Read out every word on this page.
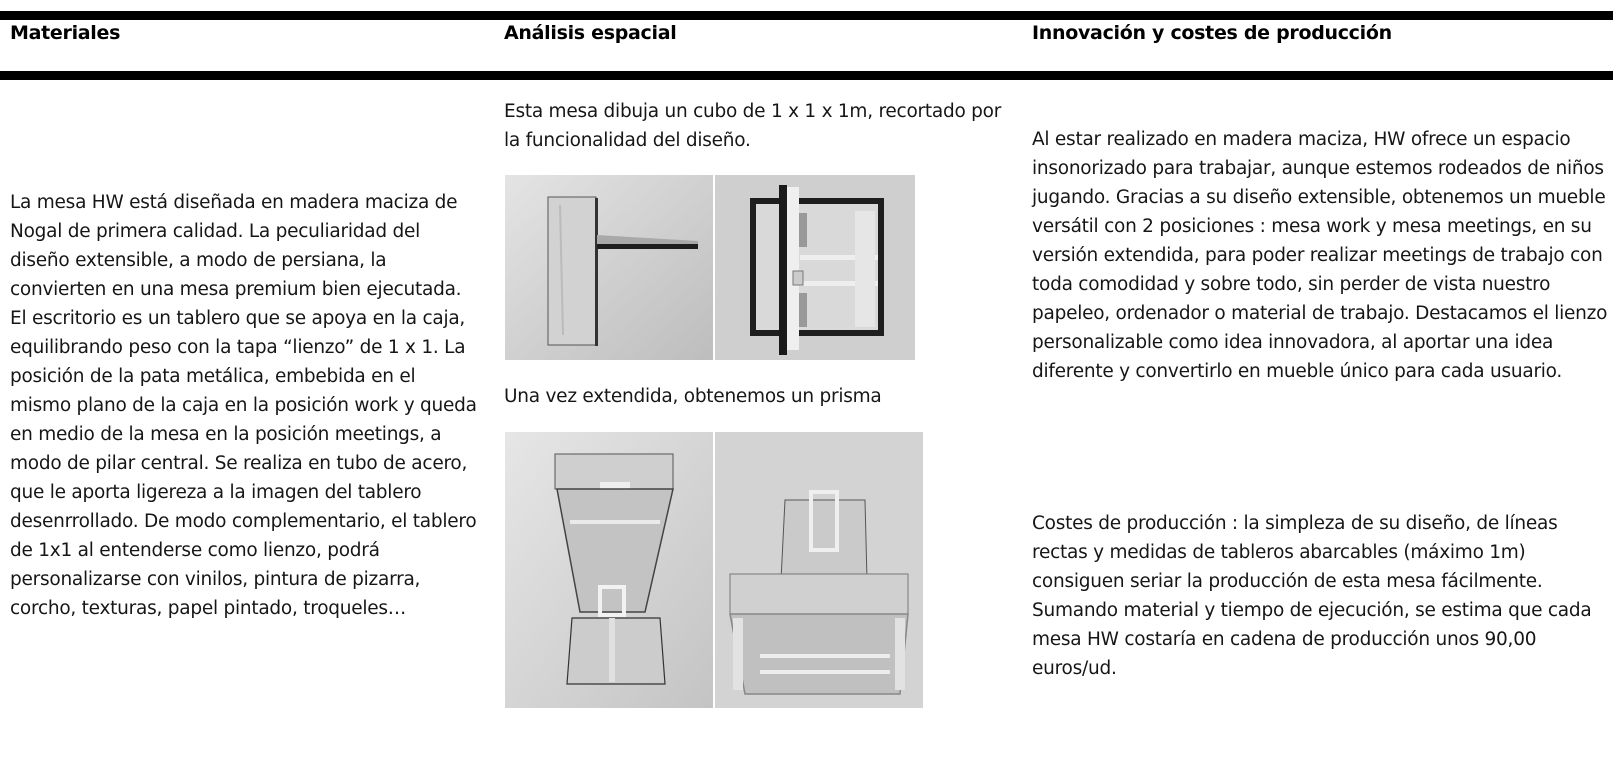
Materiales	Análisis espacial	Innovación y costes de producción

La mesa HW está diseñada en madera maciza de Nogal de primera calidad. La peculiaridad del diseño extensible, a modo de persiana, la convierten en una mesa premium bien ejecutada. El escritorio es un tablero que se apoya en la caja, equilibrando peso con la tapa “lienzo” de 1 x 1. La posición de la pata metálica, embebida en el mismo plano de la caja en la posición work y queda en medio de la mesa en la posición meetings, a modo de pilar central. Se realiza en tubo de acero, que le aporta ligereza a la imagen del tablero desenrrollado. De modo complementario, el tablero de 1x1 al entenderse como lienzo, podrá personalizarse con vinilos, pintura de pizarra, corcho, texturas, papel pintado, troqueles…

Esta mesa dibuja un cubo de 1 x 1 x 1m, recortado por la funcionalidad del diseño.

Una vez extendida, obtenemos un prisma

Al estar realizado en madera maciza, HW ofrece un espacio insonorizado para trabajar, aunque estemos rodeados de niños jugando. Gracias a su diseño extensible, obtenemos un mueble versátil con 2 posiciones : mesa work y mesa meetings, en su versión extendida, para poder realizar meetings de trabajo con toda comodidad y sobre todo, sin perder de vista nuestro papeleo, ordenador o material de trabajo. Destacamos el lienzo personalizable como idea innovadora, al aportar una idea diferente y convertirlo en mueble único para cada usuario.

Costes de producción : la simpleza de su diseño, de líneas rectas y medidas de tableros abarcables (máximo 1m) consiguen seriar la producción de esta mesa fácilmente. Sumando material y tiempo de ejecución, se estima que cada mesa HW costaría en cadena de producción unos 90,00 euros/ud.
